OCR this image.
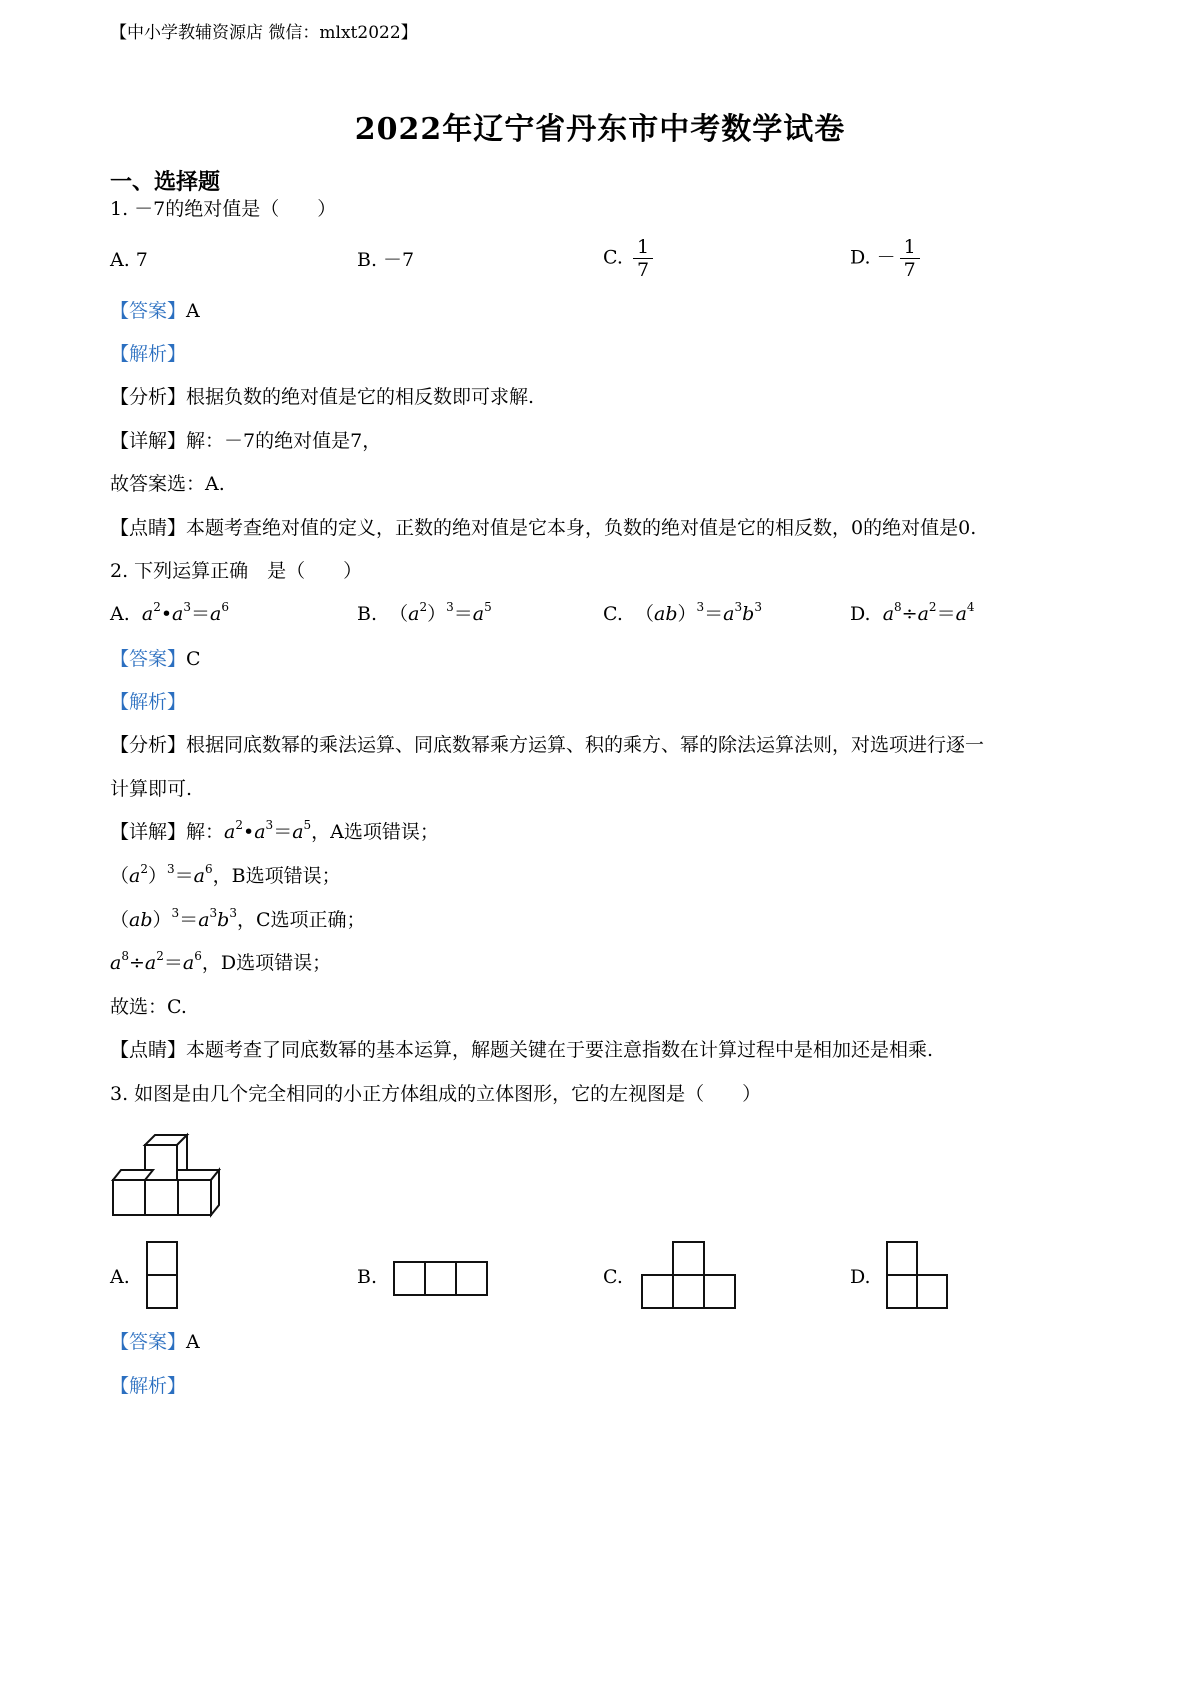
【中小学教辅资源店 微信：mlxt2022】
2022年辽宁省丹东市中考数学试卷
一、选择题
1. －7的绝对值是（　　）
A. 7	B. －7	C. $\frac{1}{7}$	D. － $\frac{1}{7}$
【答案】A
【解析】
【分析】根据负数的绝对值是它的相反数即可求解.
【详解】解：－7的绝对值是7，
故答案选：A.
【点睛】本题考查绝对值的定义，正数的绝对值是它本身，负数的绝对值是它的相反数，0的绝对值是0.
2. 下列运算正确　是（　　）
A. $a^2•a^3=a^6$	B.  $(a^2)^3=a^5$	C.  $(ab)^3=a^3b^3$	D. $a^8\div a^2=a^4$
【答案】C
【解析】
【分析】根据同底数幂的乘法运算、同底数幂乘方运算、积的乘方、幂的除法运算法则，对选项进行逐一
计算即可.
【详解】解：$a^2•a^3=a^5$，A选项错误；
$(a^2)^3=a^6$，B选项错误；
$(ab)^3=a^3b^3$，C选项正确；
$a^8\div a^2=a^6$，D选项错误；
故选：C.
【点睛】本题考查了同底数幂的基本运算，解题关键在于要注意指数在计算过程中是相加还是相乘.
3. 如图是由几个完全相同的小正方体组成的立体图形，它的左视图是（　　）
A.	B.	C.	D.
【答案】A
【解析】
